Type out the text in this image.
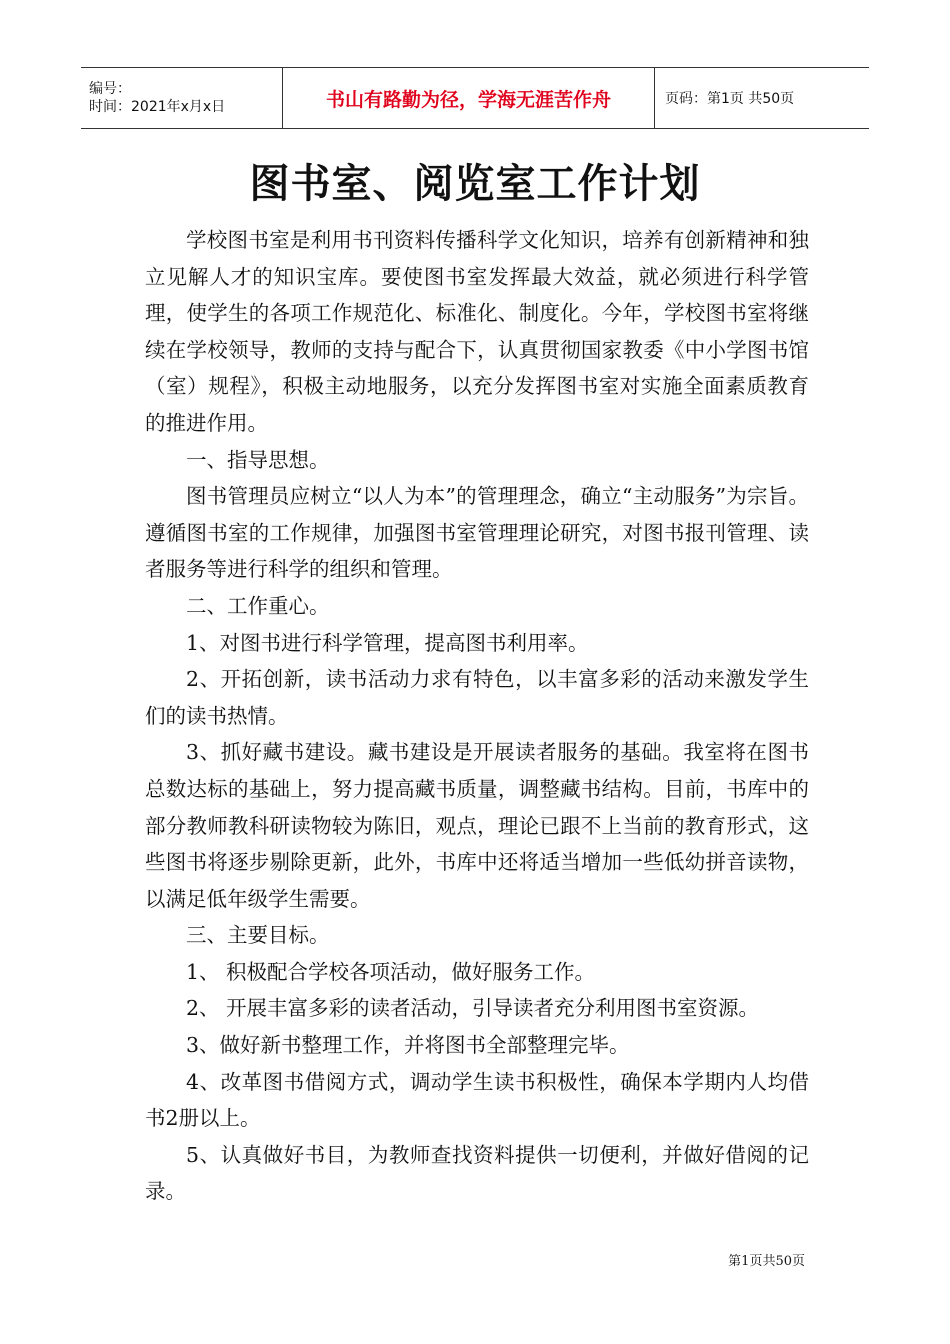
编号：
时间：2021年x月x日	书山有路勤为径，学海无涯苦作舟	页码：第1页 共50页
图书室、阅览室工作计划

学校图书室是利用书刊资料传播科学文化知识，培养有创新精神和独立见解人才的知识宝库。要使图书室发挥最大效益，就必须进行科学管理，使学生的各项工作规范化、标准化、制度化。今年，学校图书室将继续在学校领导，教师的支持与配合下，认真贯彻国家教委《中小学图书馆（室）规程》，积极主动地服务，以充分发挥图书室对实施全面素质教育的推进作用。

一、指导思想。

图书管理员应树立“以人为本”的管理理念，确立“主动服务”为宗旨。遵循图书室的工作规律，加强图书室管理理论研究，对图书报刊管理、读者服务等进行科学的组织和管理。

二、工作重心。

1、对图书进行科学管理，提高图书利用率。

2、开拓创新，读书活动力求有特色，以丰富多彩的活动来激发学生们的读书热情。

3、抓好藏书建设。藏书建设是开展读者服务的基础。我室将在图书总数达标的基础上，努力提高藏书质量，调整藏书结构。目前，书库中的部分教师教科研读物较为陈旧，观点，理论已跟不上当前的教育形式，这些图书将逐步剔除更新，此外，书库中还将适当增加一些低幼拼音读物，以满足低年级学生需要。

三、主要目标。

1、 积极配合学校各项活动，做好服务工作。

2、 开展丰富多彩的读者活动，引导读者充分利用图书室资源。

3、做好新书整理工作，并将图书全部整理完毕。

4、改革图书借阅方式，调动学生读书积极性，确保本学期内人均借书2册以上。

5、认真做好书目，为教师查找资料提供一切便利，并做好借阅的记录。

第1页共50页
